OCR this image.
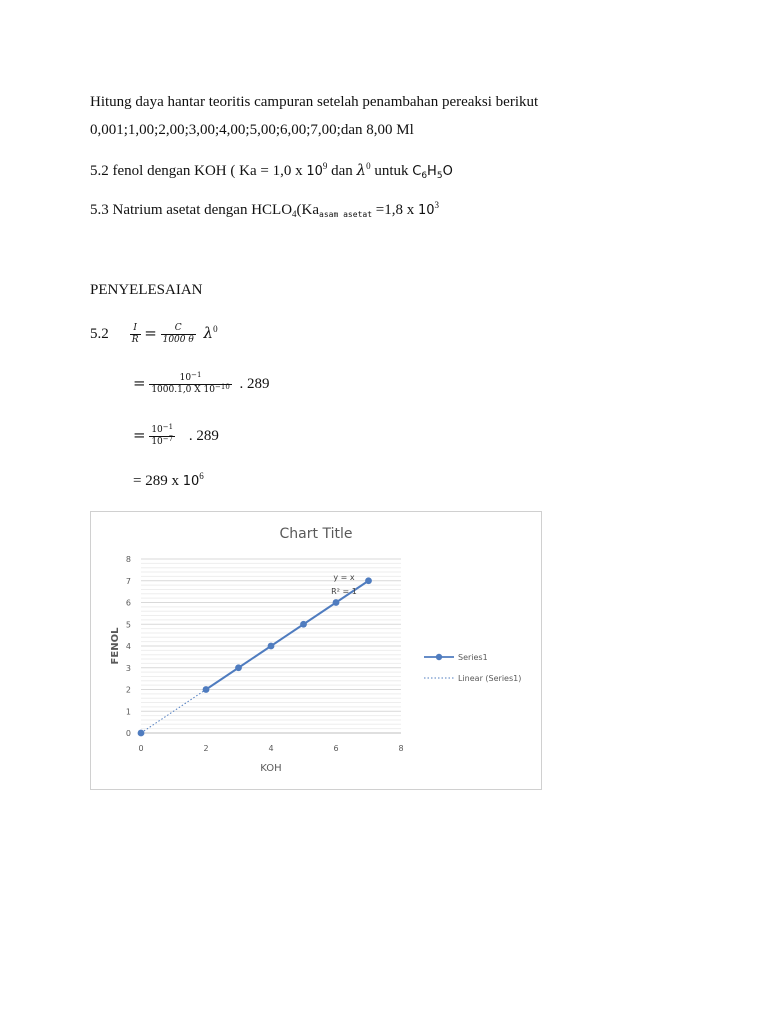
Hitung daya hantar teoritis campuran setelah penambahan pereaksi berikut
0,001;1,00;2,00;3,00;4,00;5,00;6,00;7,00;dan 8,00 Ml
5.2 fenol dengan KOH ( Ka = 1,0 x $10^9$ dan $\lambda^0$ untuk $C_6H_5O$
5.3 Natrium asetat dengan $HCLO_4(Ka_{asam asetat} =1,8$ x $10^3$
PENYELESAIAN
$5.2 \frac{I}{R} = \frac{C}{1000 \theta} \lambda^0$
= $\frac{10^{-1}}{1000.1,0 X 10^{-10}}$ . 289
= $\frac{10^{-1}}{10^{-7}}$ . 289
= 289 x $10^6$
Chart Title
0
1
2
3
4
5
6
7
8
0	2	4	6	8
KOH
FENOL
y = x
R² = 1
Series1
Linear (Series1)
